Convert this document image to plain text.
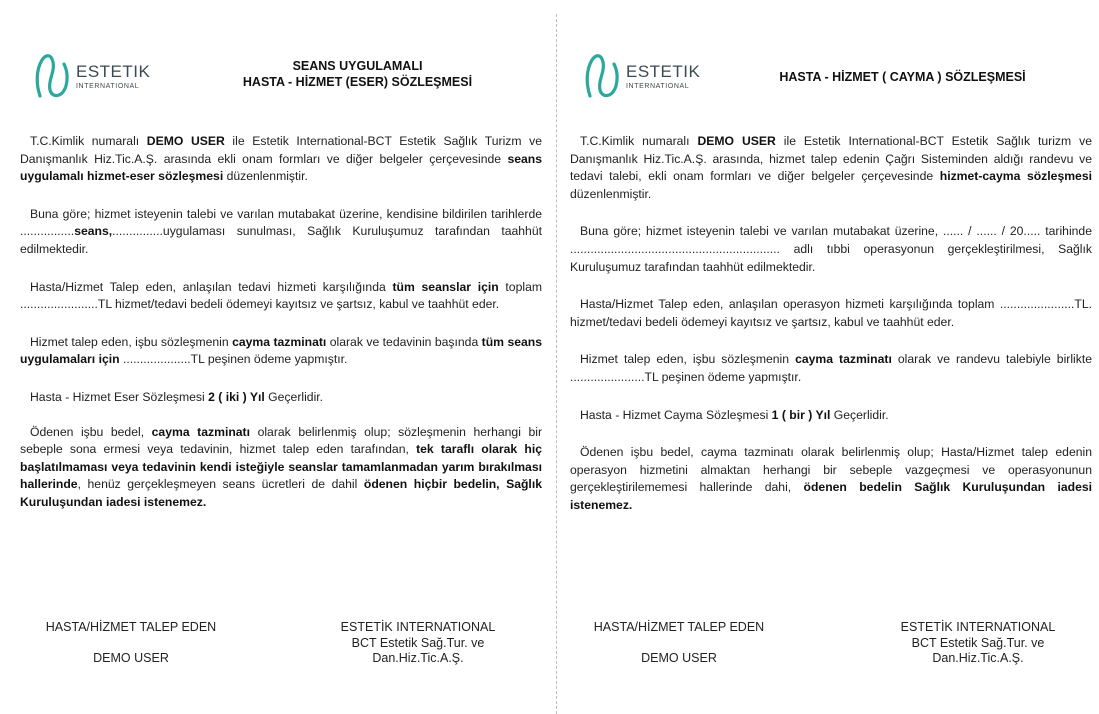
ESTETIK
INTERNATIONAL
SEANS UYGULAMALI
HASTA - HİZMET (ESER) SÖZLEŞMESİ

T.C.Kimlik numaralı DEMO USER ile Estetik International-BCT Estetik Sağlık Turizm ve Danışmanlık Hiz.Tic.A.Ş. arasında ekli onam formları ve diğer belgeler çerçevesinde seans uygulamalı hizmet-eser sözleşmesi düzenlenmiştir.

Buna göre; hizmet isteyenin talebi ve varılan mutabakat üzerine, kendisine bildirilen tarihlerde ................seans,...............uygulaması sunulması, Sağlık Kuruluşumuz tarafından taahhüt edilmektedir.

Hasta/Hizmet Talep eden, anlaşılan tedavi hizmeti karşılığında tüm seanslar için toplam .......................TL hizmet/tedavi bedeli ödemeyi kayıtsız ve şartsız, kabul ve taahhüt eder.

Hizmet talep eden, işbu sözleşmenin cayma tazminatı olarak ve tedavinin başında tüm seans uygulamaları için ....................TL peşinen ödeme yapmıştır.

Hasta - Hizmet Eser Sözleşmesi 2 ( iki ) Yıl Geçerlidir.

Ödenen işbu bedel, cayma tazminatı olarak belirlenmiş olup; sözleşmenin herhangi bir sebeple sona ermesi veya tedavinin, hizmet talep eden tarafından, tek taraflı olarak hiç başlatılmaması veya tedavinin kendi isteğiyle seanslar tamamlanmadan yarım bırakılması hallerinde, henüz gerçekleşmeyen seans ücretleri de dahil ödenen hiçbir bedelin, Sağlık Kuruluşundan iadesi istenemez.

HASTA/HİZMET TALEP EDEN
DEMO USER
ESTETİK INTERNATIONAL
BCT Estetik Sağ.Tur. ve
Dan.Hiz.Tic.A.Ş.
ESTETIK
INTERNATIONAL
HASTA - HİZMET ( CAYMA ) SÖZLEŞMESİ

T.C.Kimlik numaralı DEMO USER ile Estetik International-BCT Estetik Sağlık turizm ve Danışmanlık Hiz.Tic.A.Ş. arasında, hizmet talep edenin Çağrı Sisteminden aldığı randevu ve tedavi talebi, ekli onam formları ve diğer belgeler çerçevesinde hizmet-cayma sözleşmesi düzenlenmiştir.

Buna göre; hizmet isteyenin talebi ve varılan mutabakat üzerine, ...... / ...... / 20..... tarihinde .............................................................. adlı tıbbi operasyonun gerçekleştirilmesi, Sağlık Kuruluşumuz tarafından taahhüt edilmektedir.

Hasta/Hizmet Talep eden, anlaşılan operasyon hizmeti karşılığında toplam ......................TL. hizmet/tedavi bedeli ödemeyi kayıtsız ve şartsız, kabul ve taahhüt eder.

Hizmet talep eden, işbu sözleşmenin cayma tazminatı olarak ve randevu talebiyle birlikte ......................TL peşinen ödeme yapmıştır.

Hasta - Hizmet Cayma Sözleşmesi 1 ( bir ) Yıl Geçerlidir.

Ödenen işbu bedel, cayma tazminatı olarak belirlenmiş olup; Hasta/Hizmet talep edenin operasyon hizmetini almaktan herhangi bir sebeple vazgeçmesi ve operasyonunun gerçekleştirilememesi hallerinde dahi, ödenen bedelin Sağlık Kuruluşundan iadesi istenemez.

HASTA/HİZMET TALEP EDEN
DEMO USER
ESTETİK INTERNATIONAL
BCT Estetik Sağ.Tur. ve
Dan.Hiz.Tic.A.Ş.
